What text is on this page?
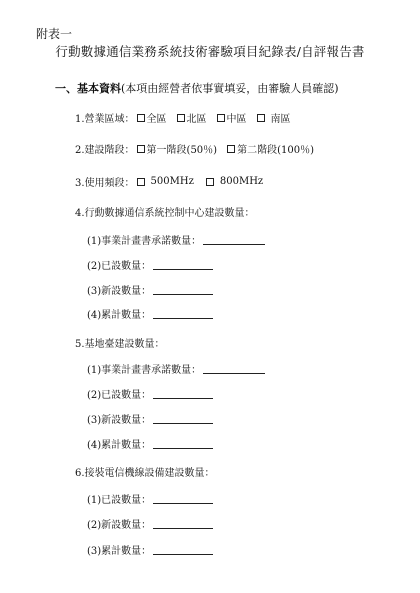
附表一
行動數據通信業務系統技術審驗項目紀錄表/自評報告書
一、基本資料(本項由經營者依事實填妥，由審驗人員確認)
1.營業區域： 全區 北區 中區 南區
2.建設階段： 第一階段(50％) 第二階段(100％)
3.使用頻段： 500MHz	800MHz
4.行動數據通信系統控制中心建設數量：
(1)事業計畫書承諾數量：
(2)已設數量：
(3)新設數量：
(4)累計數量：
5.基地臺建設數量：
(1)事業計畫書承諾數量：
(2)已設數量：
(3)新設數量：
(4)累計數量：
6.接裝電信機線設備建設數量：
(1)已設數量：
(2)新設數量：
(3)累計數量：
